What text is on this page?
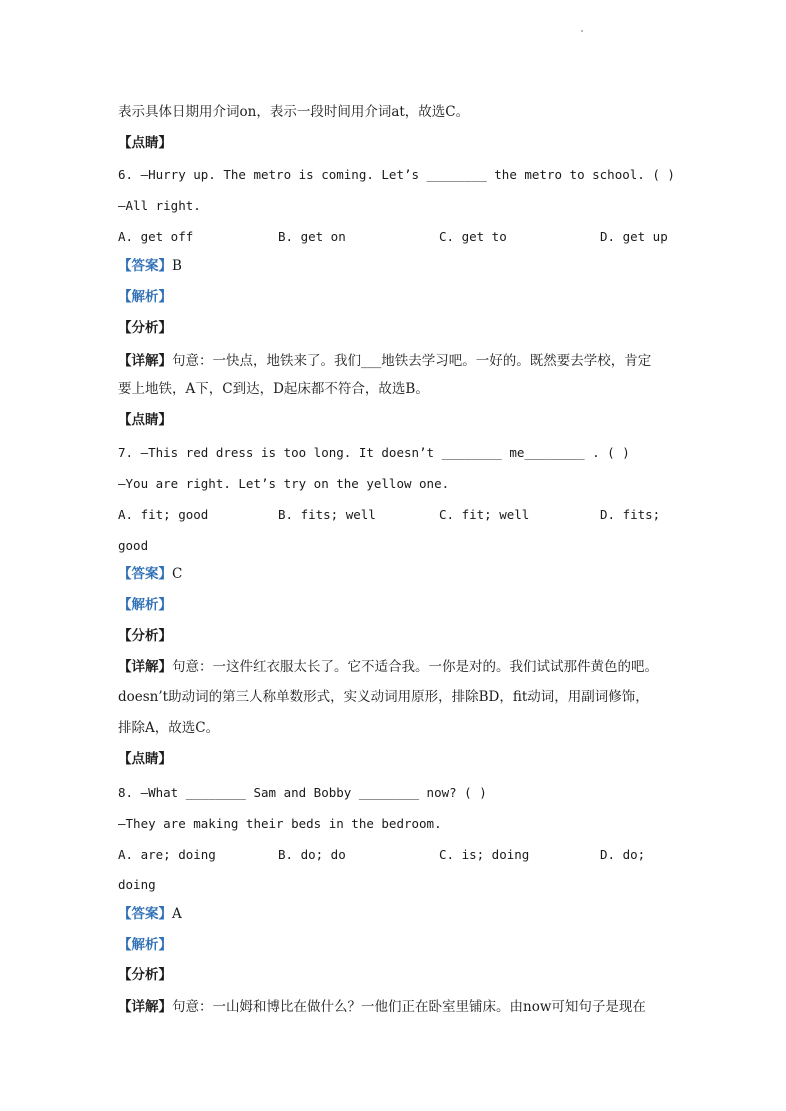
表示具体日期用介词on，表示一段时间用介词at，故选C。
【点睛】
6. —Hurry up. The metro is coming. Let’s ________ the metro to school. ( )
—All right.
A. get off	B. get on	C. get to	D. get up
【答案】B
【解析】
【分析】
【详解】句意：一快点，地铁来了。我们___地铁去学习吧。一好的。既然要去学校，肯定
要上地铁，A下，C到达，D起床都不符合，故选B。
【点睛】
7. —This red dress is too long. It doesn’t ________ me________ . ( )
—You are right. Let’s try on the yellow one.
A. fit; good	B. fits; well	C. fit; well	D. fits;
good
【答案】C
【解析】
【分析】
【详解】句意：一这件红衣服太长了。它不适合我。一你是对的。我们试试那件黄色的吧。
doesn’t助动词的第三人称单数形式，实义动词用原形，排除BD，fit动词，用副词修饰，
排除A，故选C。
【点睛】
8. —What ________ Sam and Bobby ________ now? ( )
—They are making their beds in the bedroom.
A. are; doing	B. do; do	C. is; doing	D. do;
doing
【答案】A
【解析】
【分析】
【详解】句意：一山姆和博比在做什么？一他们正在卧室里铺床。由now可知句子是现在
